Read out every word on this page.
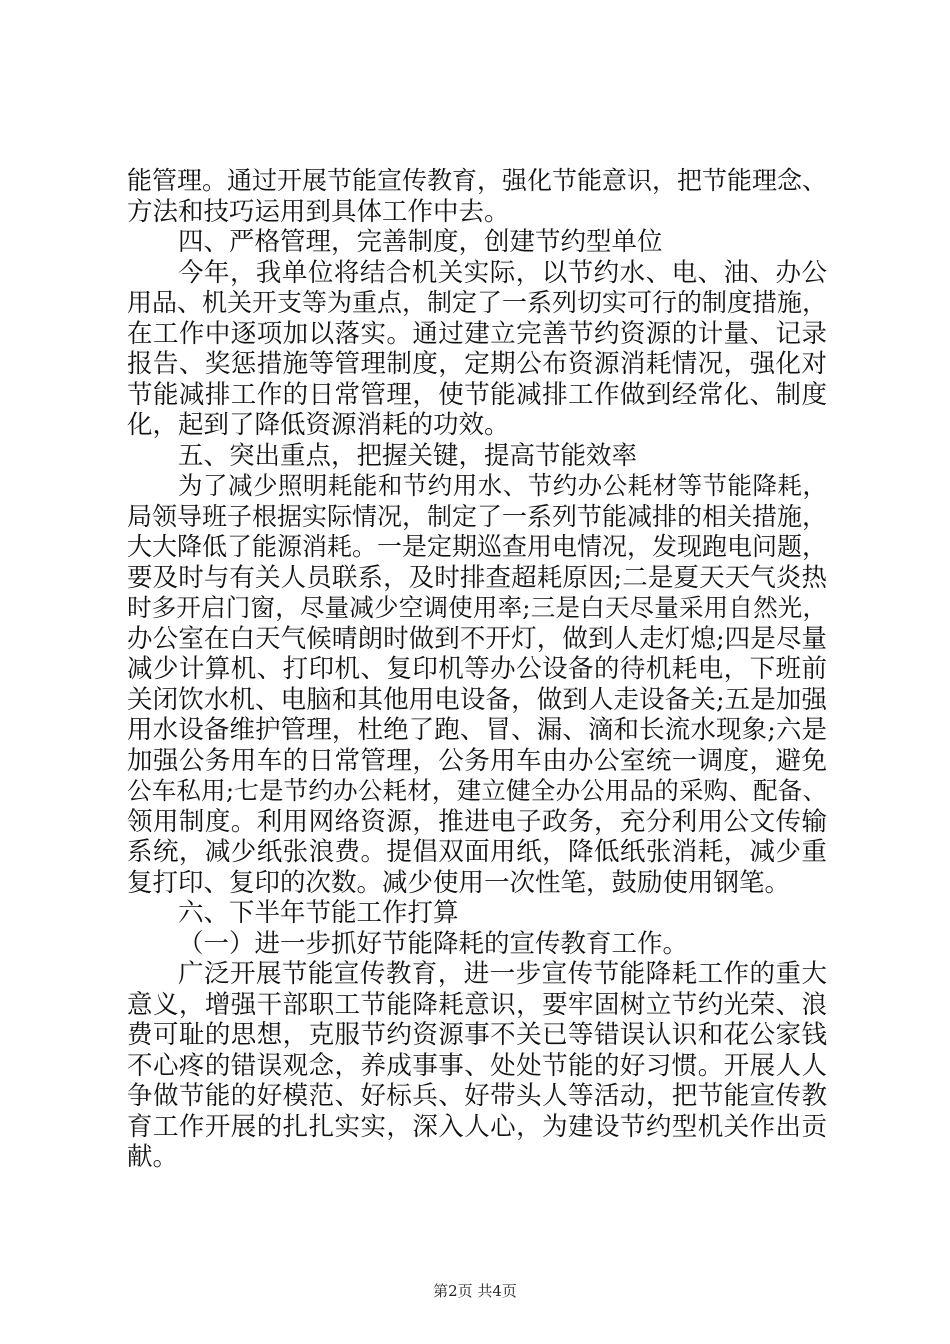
能管理。通过开展节能宣传教育，强化节能意识，把节能理念、
方法和技巧运用到具体工作中去。
四、严格管理，完善制度，创建节约型单位
今年，我单位将结合机关实际，以节约水、电、油、办公
用品、机关开支等为重点，制定了一系列切实可行的制度措施，
在工作中逐项加以落实。通过建立完善节约资源的计量、记录
报告、奖惩措施等管理制度，定期公布资源消耗情况，强化对
节能减排工作的日常管理，使节能减排工作做到经常化、制度
化，起到了降低资源消耗的功效。
五、突出重点，把握关键，提高节能效率
为了减少照明耗能和节约用水、节约办公耗材等节能降耗，
局领导班子根据实际情况，制定了一系列节能减排的相关措施，
大大降低了能源消耗。一是定期巡查用电情况，发现跑电问题，
要及时与有关人员联系，及时排查超耗原因;二是夏天天气炎热
时多开启门窗，尽量减少空调使用率;三是白天尽量采用自然光，
办公室在白天气候晴朗时做到不开灯，做到人走灯熄;四是尽量
减少计算机、打印机、复印机等办公设备的待机耗电，下班前
关闭饮水机、电脑和其他用电设备，做到人走设备关;五是加强
用水设备维护管理，杜绝了跑、冒、漏、滴和长流水现象;六是
加强公务用车的日常管理，公务用车由办公室统一调度，避免
公车私用;七是节约办公耗材，建立健全办公用品的采购、配备、
领用制度。利用网络资源，推进电子政务，充分利用公文传输
系统，减少纸张浪费。提倡双面用纸，降低纸张消耗，减少重
复打印、复印的次数。减少使用一次性笔，鼓励使用钢笔。
六、下半年节能工作打算
（一）进一步抓好节能降耗的宣传教育工作。
广泛开展节能宣传教育，进一步宣传节能降耗工作的重大
意义，增强干部职工节能降耗意识，要牢固树立节约光荣、浪
费可耻的思想，克服节约资源事不关已等错误认识和花公家钱
不心疼的错误观念，养成事事、处处节能的好习惯。开展人人
争做节能的好模范、好标兵、好带头人等活动，把节能宣传教
育工作开展的扎扎实实，深入人心，为建设节约型机关作出贡
献。
第2页 共4页
